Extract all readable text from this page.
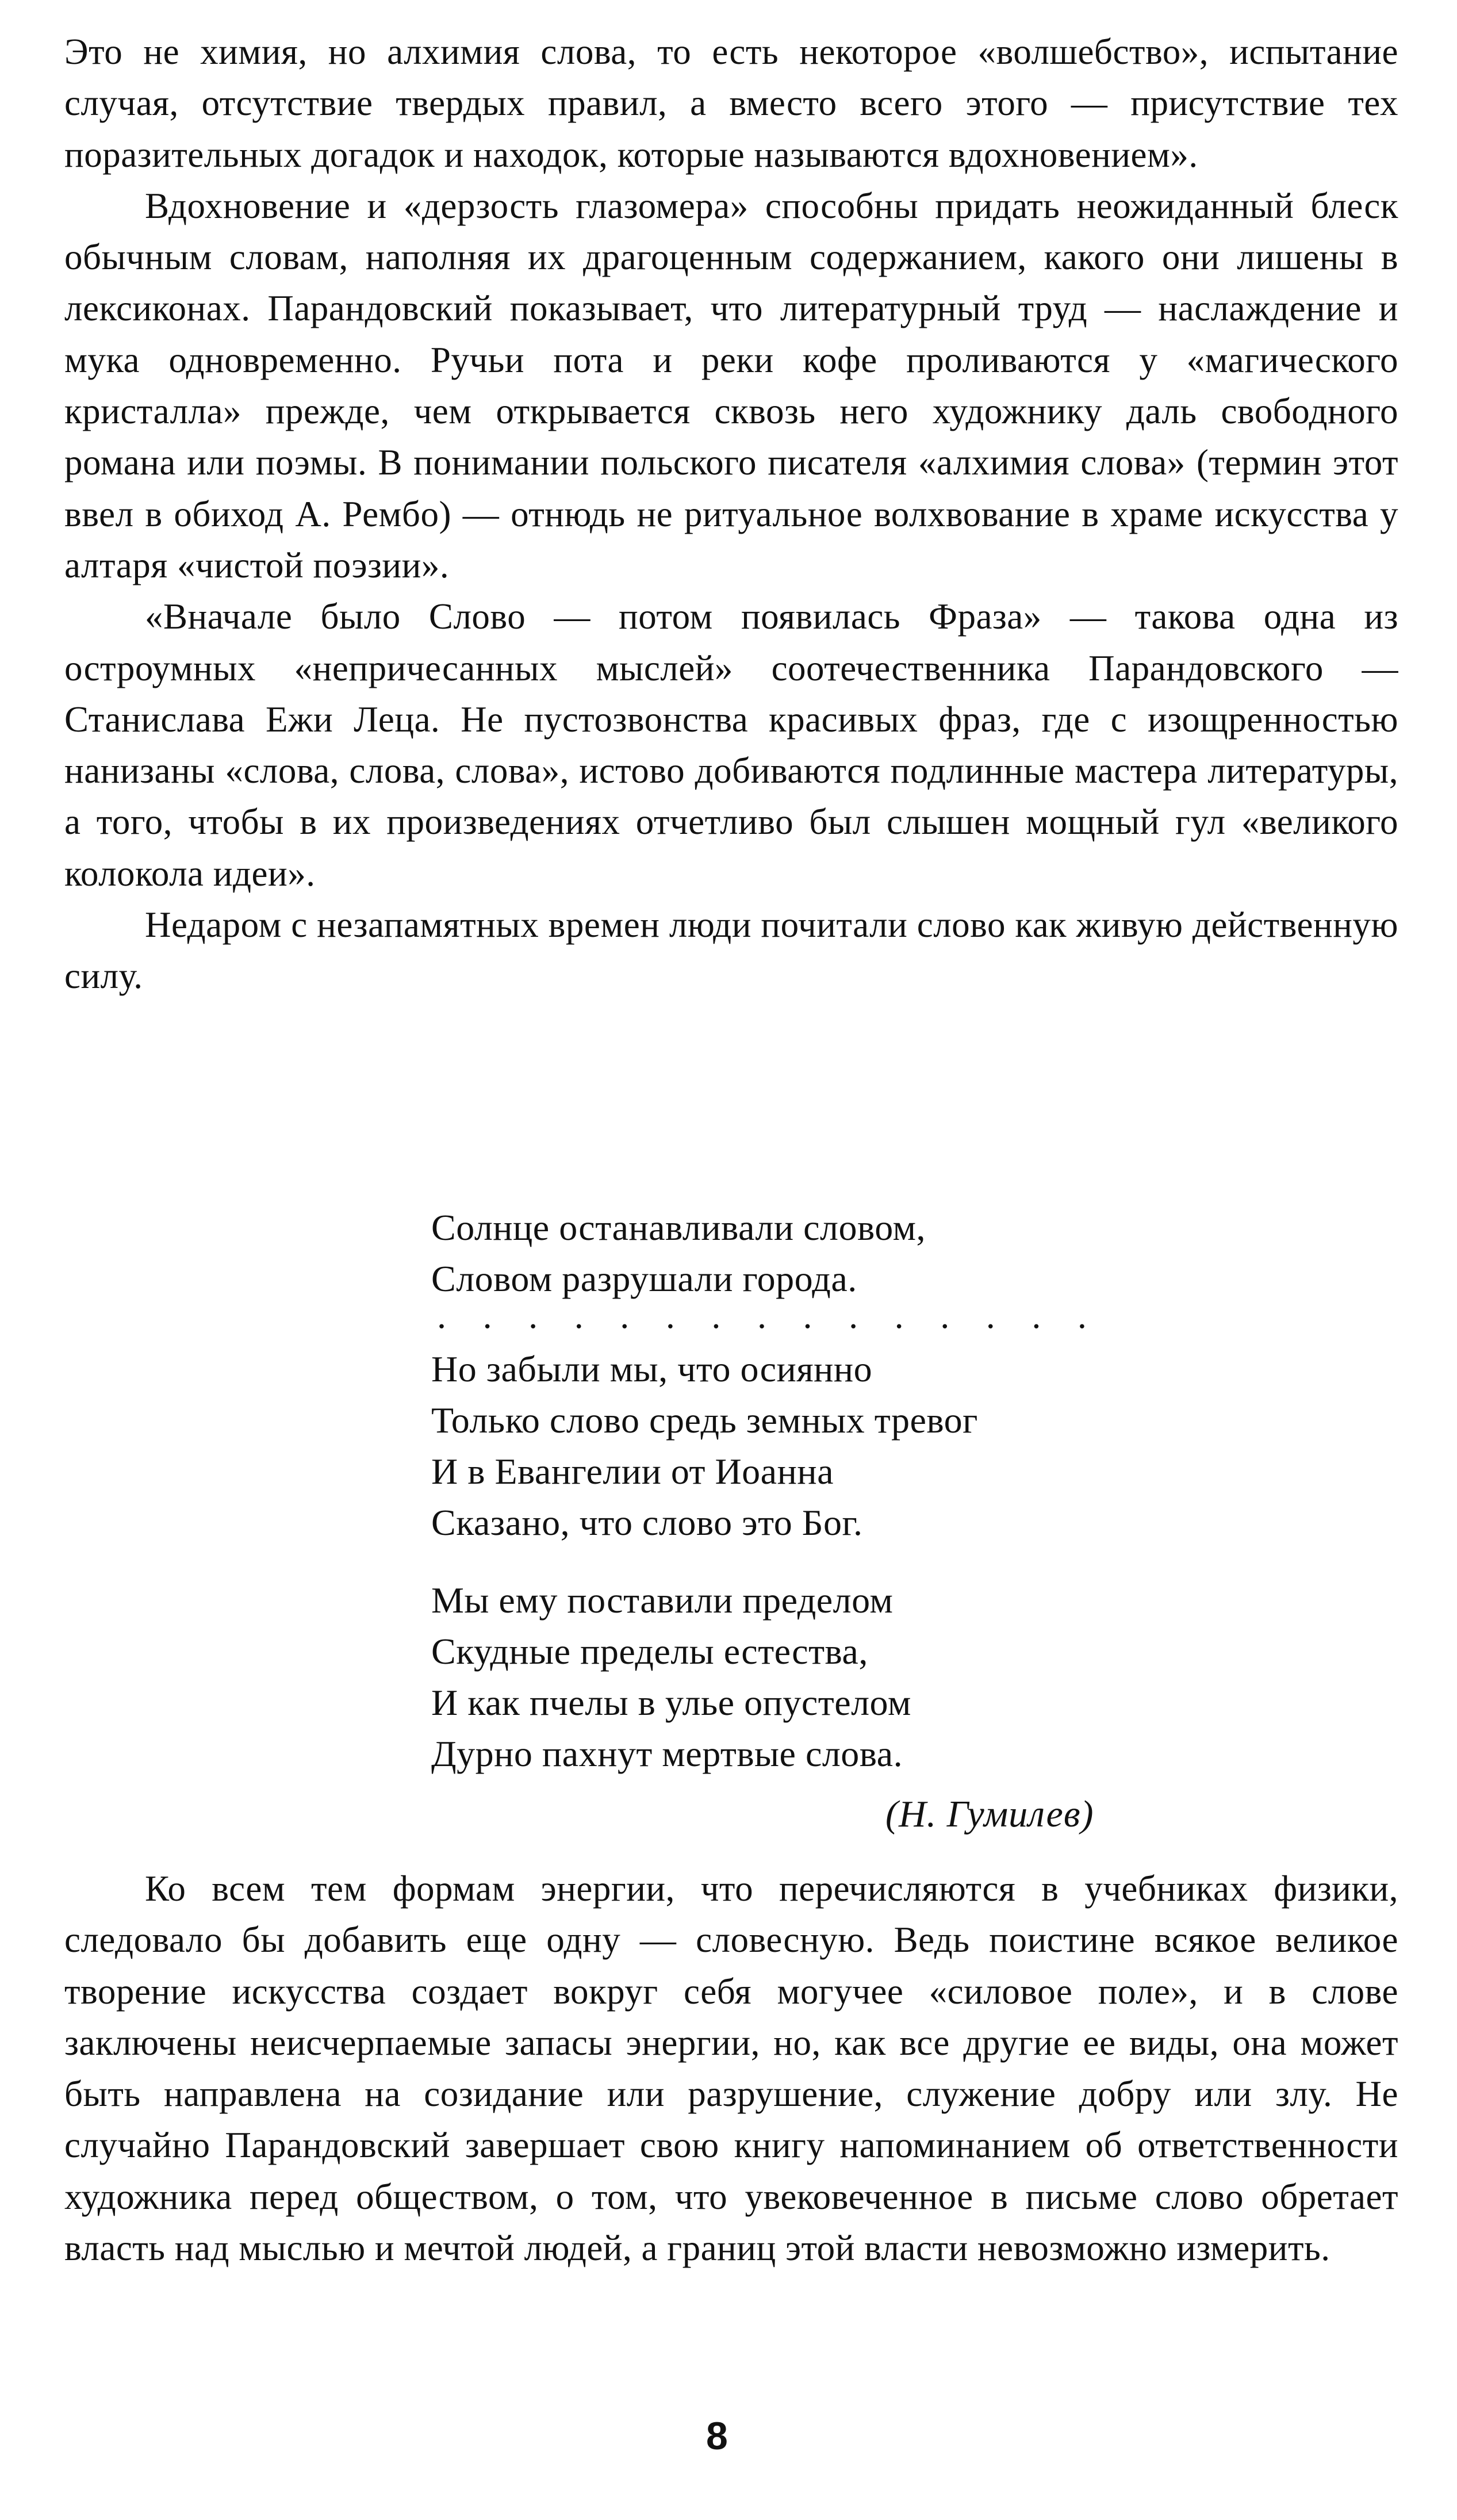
Это не химия, но алхимия слова, то есть некоторое «волшебство», испытание случая, отсутствие твердых правил, а вместо всего этого — присутствие тех поразительных догадок и находок, которые называются вдохновением».

Вдохновение и «дерзость глазомера» способны придать неожиданный блеск обычным словам, наполняя их драгоценным содержанием, какого они лишены в лексиконах. Парандовский показывает, что литературный труд — наслаждение и мука одновременно. Ручьи пота и реки кофе проливаются у «магического кристалла» прежде, чем открывается сквозь него художнику даль свободного романа или поэмы. В понимании польского писателя «алхимия слова» (термин этот ввел в обиход А. Рембо) — отнюдь не ритуальное волхвование в храме искусства у алтаря «чистой поэзии».

«Вначале было Слово — потом появилась Фраза» — такова одна из остроумных «непричесанных мыслей» соотечественника Парандовского — Станислава Ежи Леца. Не пустозвонства красивых фраз, где с изощренностью нанизаны «слова, слова, слова», истово добиваются подлинные мастера литературы, а того, чтобы в их произведениях отчетливо был слышен мощный гул «великого колокола идеи».

Недаром с незапамятных времен люди почитали слово как живую действенную силу.

Солнце останавливали словом,
Словом разрушали города.
. . . . . . . . . . . . . . .
Но забыли мы, что осиянно
Только слово средь земных тревог
И в Евангелии от Иоанна
Сказано, что слово это Бог.
Мы ему поставили пределом
Скудные пределы естества,
И как пчелы в улье опустелом
Дурно пахнут мертвые слова.
(Н. Гумилев)

Ко всем тем формам энергии, что перечисляются в учебниках физики, следовало бы добавить еще одну — словесную. Ведь поистине всякое великое творение искусства создает вокруг себя могучее «силовое поле», и в слове заключены неисчерпаемые запасы энергии, но, как все другие ее виды, она может быть направлена на созидание или разрушение, служение добру или злу. Не случайно Парандовский завершает свою книгу напоминанием об ответственности художника перед обществом, о том, что увековеченное в письме слово обретает власть над мыслью и мечтой людей, а границ этой власти невозможно измерить.

8
